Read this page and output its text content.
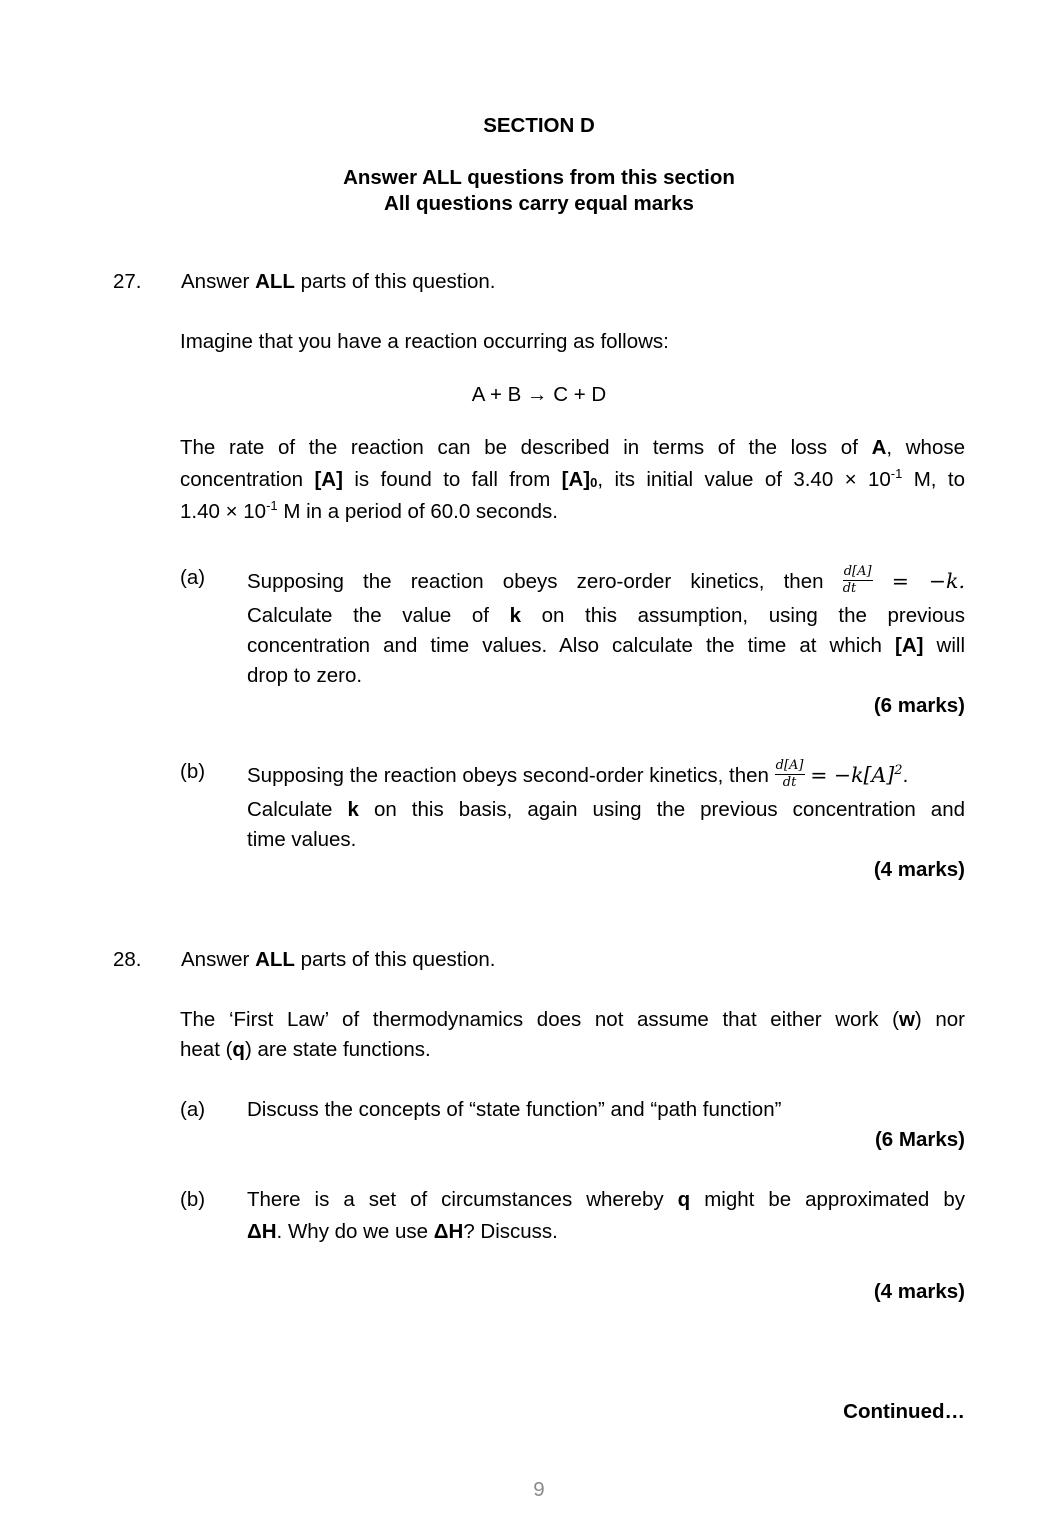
SECTION D
Answer ALL questions from this section
All questions carry equal marks
27. Answer ALL parts of this question.
Imagine that you have a reaction occurring as follows:
A + B → C + D
The rate of the reaction can be described in terms of the loss of A, whose
concentration [A] is found to fall from [A]0, its initial value of $3.40 \times 10^{-1}$ M, to
$1.40 \times 10^{-1}$ M in a period of 60.0 seconds.
(a) Supposing the reaction obeys zero-order kinetics, then $\frac{d[A]}{dt} = -k$.
Calculate the value of k on this assumption, using the previous
concentration and time values. Also calculate the time at which [A] will
drop to zero.
(6 marks)
(b) Supposing the reaction obeys second-order kinetics, then $\frac{d[A]}{dt} = -k[A]^2$.
Calculate k on this basis, again using the previous concentration and
time values.
(4 marks)
28. Answer ALL parts of this question.
The ‘First Law’ of thermodynamics does not assume that either work (w) nor
heat (q) are state functions.
(a) Discuss the concepts of “state function” and “path function”
(6 Marks)
(b) There is a set of circumstances whereby q might be approximated by
ΔH. Why do we use ΔH? Discuss.
(4 marks)
Continued…
9
